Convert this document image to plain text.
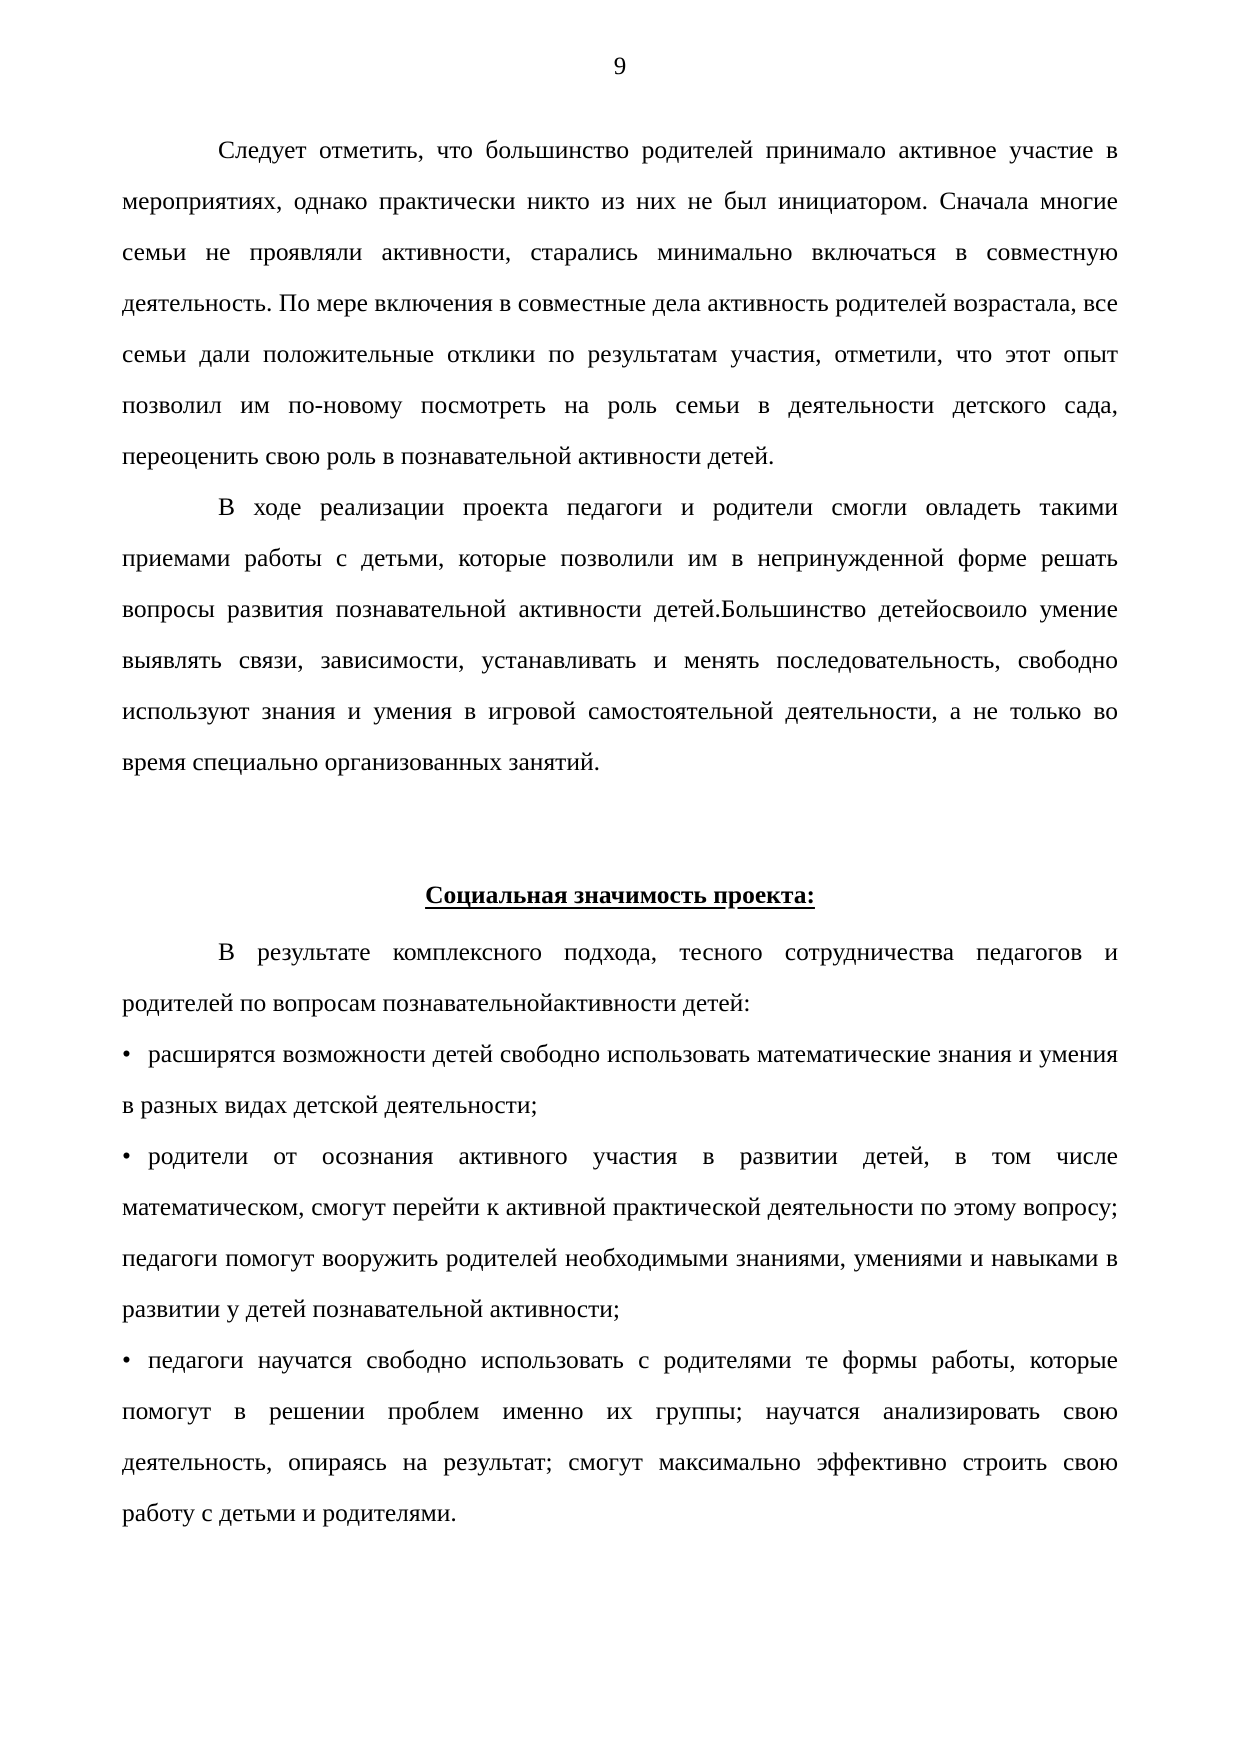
9

Следует отметить, что большинство родителей принимало активное участие в мероприятиях, однако практически никто из них не был инициатором. Сначала многие семьи не проявляли активности, старались минимально включаться в совместную деятельность. По мере включения в совместные дела активность родителей возрастала, все семьи дали положительные отклики по результатам участия, отметили, что этот опыт позволил им по-новому посмотреть на роль семьи в деятельности детского сада, переоценить свою роль в познавательной активности детей.

В ходе реализации проекта педагоги и родители смогли овладеть такими приемами работы с детьми, которые позволили им в непринужденной форме решать вопросы развития познавательной активности детей.Большинство детейосвоило умение выявлять связи, зависимости, устанавливать и менять последовательность, свободно используют знания и умения в игровой самостоятельной деятельности, а не только во время специально организованных занятий.

Социальная значимость проекта:

В результате комплексного подхода, тесного сотрудничества педагогов и родителей по вопросам познавательнойактивности детей:

• расширятся возможности детей свободно использовать математические знания и умения в разных видах детской деятельности;

• родители от осознания активного участия в развитии детей, в том числе математическом, смогут перейти к активной практической деятельности по этому вопросу; педагоги помогут вооружить родителей необходимыми знаниями, умениями и навыками в развитии у детей познавательной активности;

• педагоги научатся свободно использовать с родителями те формы работы, которые помогут в решении проблем именно их группы; научатся анализировать свою деятельность, опираясь на результат; смогут максимально эффективно строить свою работу с детьми и родителями.
